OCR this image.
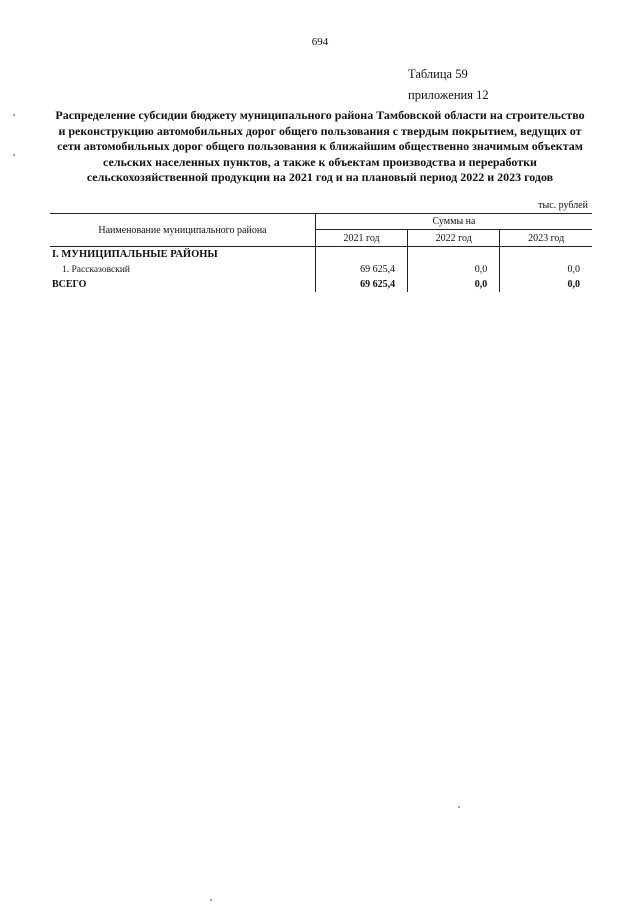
694
Таблица 59
приложения 12

Распределение субсидии бюджету муниципального района Тамбовской области на строительство и реконструкцию автомобильных дорог общего пользования с твердым покрытием, ведущих от сети автомобильных дорог общего пользования к ближайшим общественно значимым объектам сельских населенных пунктов, а также к объектам производства и переработки сельскохозяйственной продукции на 2021 год и на плановый период 2022 и 2023 годов

тыс. рублей
Наименование муниципального района	Суммы на		
	2021 год	2022 год	2023 год
I. МУНИЦИПАЛЬНЫЕ РАЙОНЫ			
1. Рассказовский	69 625,4	0,0	0,0
ВСЕГО	69 625,4	0,0	0,0
